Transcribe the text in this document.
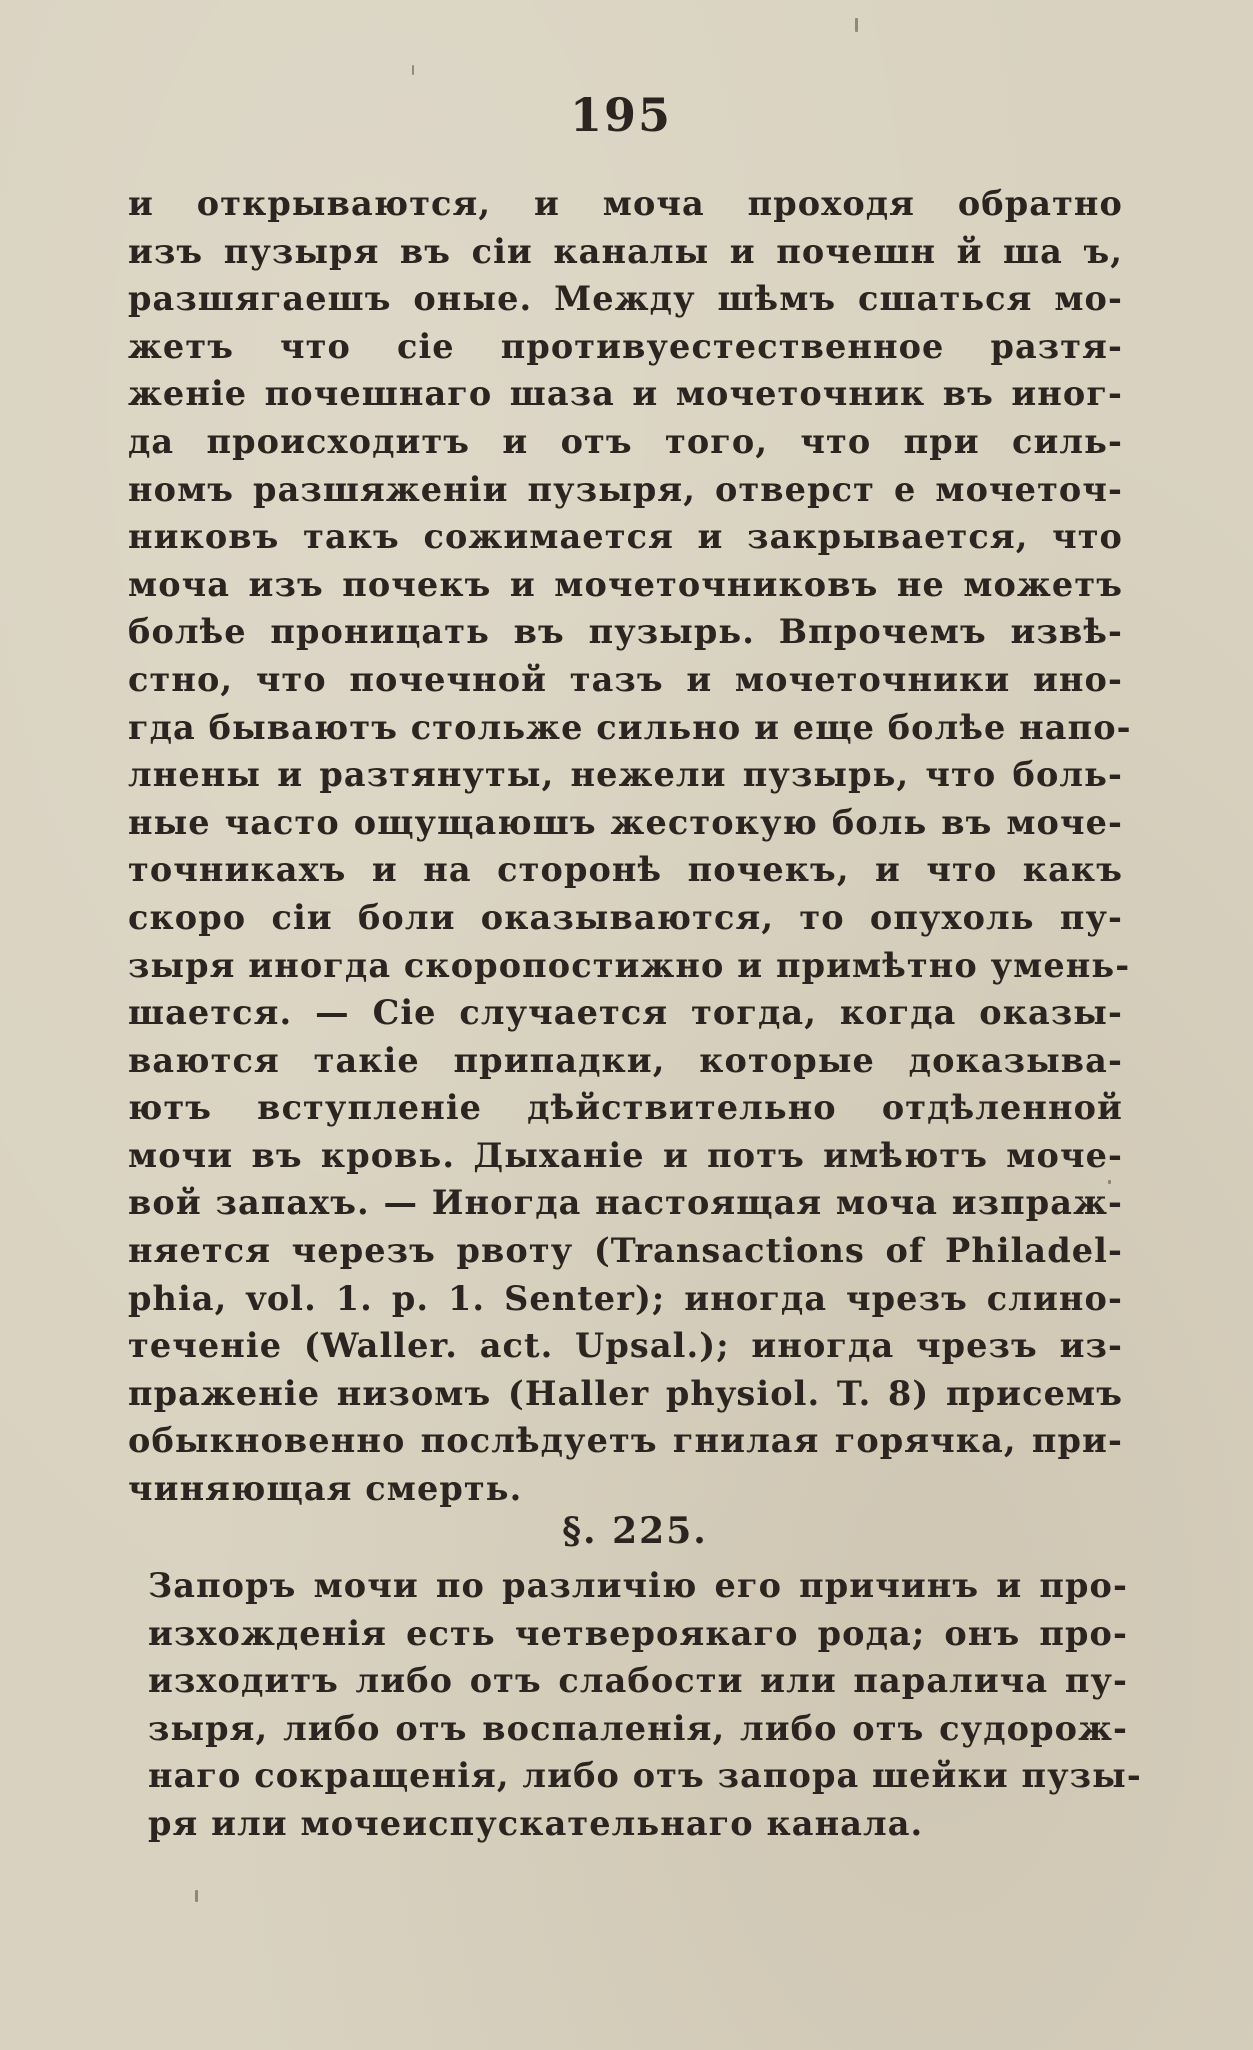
195
и открываются, и моча проходя обратно
изъ пузыря въ сіи каналы и почешн й ша ъ,
разшягаешъ оные. Между шѣмъ сшаться мо-
жетъ что сіе противуестественное разтя-
женіе почешнаго шаза и мочеточник въ иног-
да происходитъ и отъ того, что при силь-
номъ разшяженіи пузыря, отверст е мочеточ-
никовъ такъ сожимается и закрывается, что
моча изъ почекъ и мочеточниковъ не можетъ
болѣе проницать въ пузырь. Впрочемъ извѣ-
стно, что почечной тазъ и мочеточники ино-
гда бываютъ стольже сильно и еще болѣе напо-
лнены и разтянуты, нежели пузырь, что боль-
ные часто ощущаюшъ жестокую боль въ моче-
точникахъ и на сторонѣ почекъ, и что какъ
скоро сіи боли оказываются, то опухоль пу-
зыря иногда скоропостижно и примѣтно умень-
шается. — Сіе случается тогда, когда оказы-
ваются такіе припадки, которые доказыва-
ютъ вступленіе дѣйствительно отдѣленной
мочи въ кровь. Дыханіе и потъ имѣютъ моче-
вой запахъ. — Иногда настоящая моча изпраж-
няется черезъ рвоту (Transactions of Philadel-
phia, vol. 1. p. 1. Senter); иногда чрезъ слино-
теченіе (Waller. act. Upsal.); иногда чрезъ из-
праженіе низомъ (Haller physiol. T. 8) присемъ
обыкновенно послѣдуетъ гнилая горячка, при-
чиняющая смерть.
§. 225.
Запоръ мочи по различію его причинъ и про-
изхожденія есть четвероякаго рода; онъ про-
изходитъ либо отъ слабости или паралича пу-
зыря, либо отъ воспаленія, либо отъ судорож-
наго сокращенія, либо отъ запора шейки пузы-
ря или мочеиспускательнаго канала.
